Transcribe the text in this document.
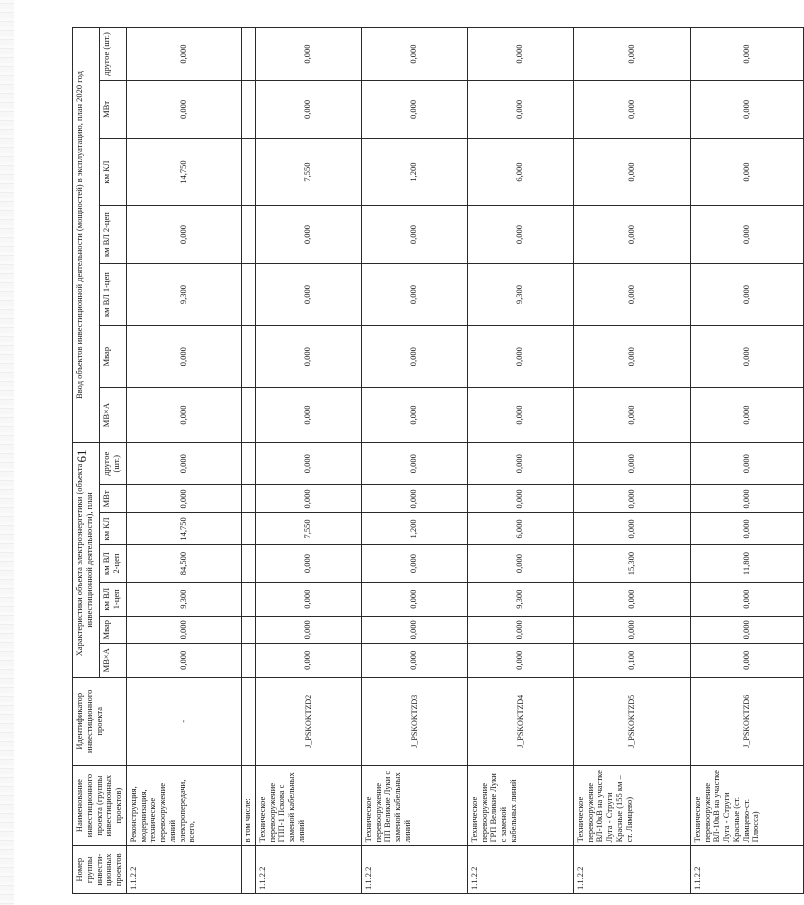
61
Номер группы инвести-ционных проектов	Наименование инвестиционного проекта (группы инвестиционных проектов)	Идентификатор инвестиционного проекта	Характеристики объекта электроэнергетики (объекта инвестиционной деятельности), план							Ввод объектов инвестиционной деятельности (мощностей) в эксплуатацию, план 2020 год						
			МВ×А	Мвар	км ВЛ 1-цеп	км ВЛ 2-цеп	км КЛ	МВт	другое (шт.)	МВ×А	Мвар	км ВЛ 1-цеп	км ВЛ 2-цеп	км КЛ	МВт	другое (шт.)
1.1.2.2	Реконструкция, модернизация, техническое перевооружение линий электропередачи, всего,	-	0,000	0,000	9,300	84,500	14,750	0,000	0,000	0,000	0,000	9,300	0,000	14,750	0,000	0,000
	в том числе:															
1.1.2.2	Техническое перевооружение ГПП-1 Пскова с заменой кабельных линий	J_PSKOKTZD2	0,000	0,000	0,000	0,000	7,550	0,000	0,000	0,000	0,000	0,000	0,000	7,550	0,000	0,000
1.1.2.2	Техническое перевооружение ПП Великие Луки с заменой кабельных линий	J_PSKOKTZD3	0,000	0,000	0,000	0,000	1,200	0,000	0,000	0,000	0,000	0,000	0,000	1,200	0,000	0,000
1.1.2.2	Техническое перевооружение ГРП Великие Луки с заменой кабельных линий	J_PSKOKTZD4	0,000	0,000	9,300	0,000	6,000	0,000	0,000	0,000	0,000	9,300	0,000	6,000	0,000	0,000
1.1.2.2	Техническое перевооружение ВЛ-10кВ на участке Луга - Струги Красные (155 км – ст. Лямцево)	J_PSKOKTZD5	0,100	0,000	0,000	15,300	0,000	0,000	0,000	0,000	0,000	0,000	0,000	0,000	0,000	0,000
1.1.2.2	Техническое перевооружение ВЛ-10кВ на участке Луга - Струги Красные (ст. Лямцево-ст. Плюсса)	J_PSKOKTZD6	0,000	0,000	0,000	11,800	0,000	0,000	0,000	0,000	0,000	0,000	0,000	0,000	0,000	0,000
